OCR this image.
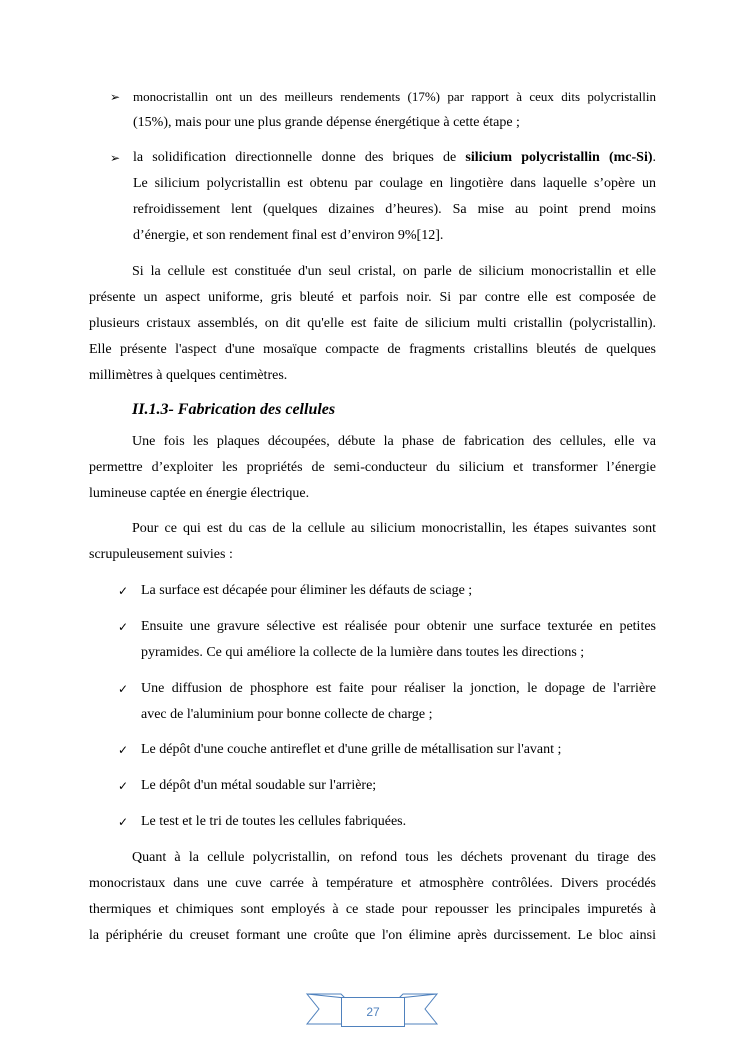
➢ monocristallin ont un des meilleurs rendements (17%) par rapport à ceux dits polycristallin
(15%), mais pour une plus grande dépense énergétique à cette étape ;
➢ la solidification directionnelle donne des briques de silicium polycristallin (mc-Si).
Le silicium polycristallin est obtenu par coulage en lingotière dans laquelle s’opère un
refroidissement lent (quelques dizaines d’heures). Sa mise au point prend moins
d’énergie, et son rendement final est d’environ 9%[12].
Si la cellule est constituée d'un seul cristal, on parle de silicium monocristallin et elle
présente un aspect uniforme, gris bleuté et parfois noir. Si par contre elle est composée de
plusieurs cristaux assemblés, on dit qu'elle est faite de silicium multi cristallin (polycristallin).
Elle présente l'aspect d'une mosaïque compacte de fragments cristallins bleutés de quelques
millimètres à quelques centimètres.
II.1.3- Fabrication des cellules
Une fois les plaques découpées, débute la phase de fabrication des cellules, elle va
permettre d’exploiter les propriétés de semi-conducteur du silicium et transformer l’énergie
lumineuse captée en énergie électrique.
Pour ce qui est du cas de la cellule au silicium monocristallin, les étapes suivantes sont
scrupuleusement suivies :
✓ La surface est décapée pour éliminer les défauts de sciage ;
✓ Ensuite une gravure sélective est réalisée pour obtenir une surface texturée en petites
pyramides. Ce qui améliore la collecte de la lumière dans toutes les directions ;
✓ Une diffusion de phosphore est faite pour réaliser la jonction, le dopage de l'arrière
avec de l'aluminium pour bonne collecte de charge ;
✓ Le dépôt d'une couche antireflet et d'une grille de métallisation sur l'avant ;
✓ Le dépôt d'un métal soudable sur l'arrière;
✓ Le test et le tri de toutes les cellules fabriquées.
Quant à la cellule polycristallin, on refond tous les déchets provenant du tirage des
monocristaux dans une cuve carrée à température et atmosphère contrôlées. Divers procédés
thermiques et chimiques sont employés à ce stade pour repousser les principales impuretés à
la périphérie du creuset formant une croûte que l'on élimine après durcissement. Le bloc ainsi
27
